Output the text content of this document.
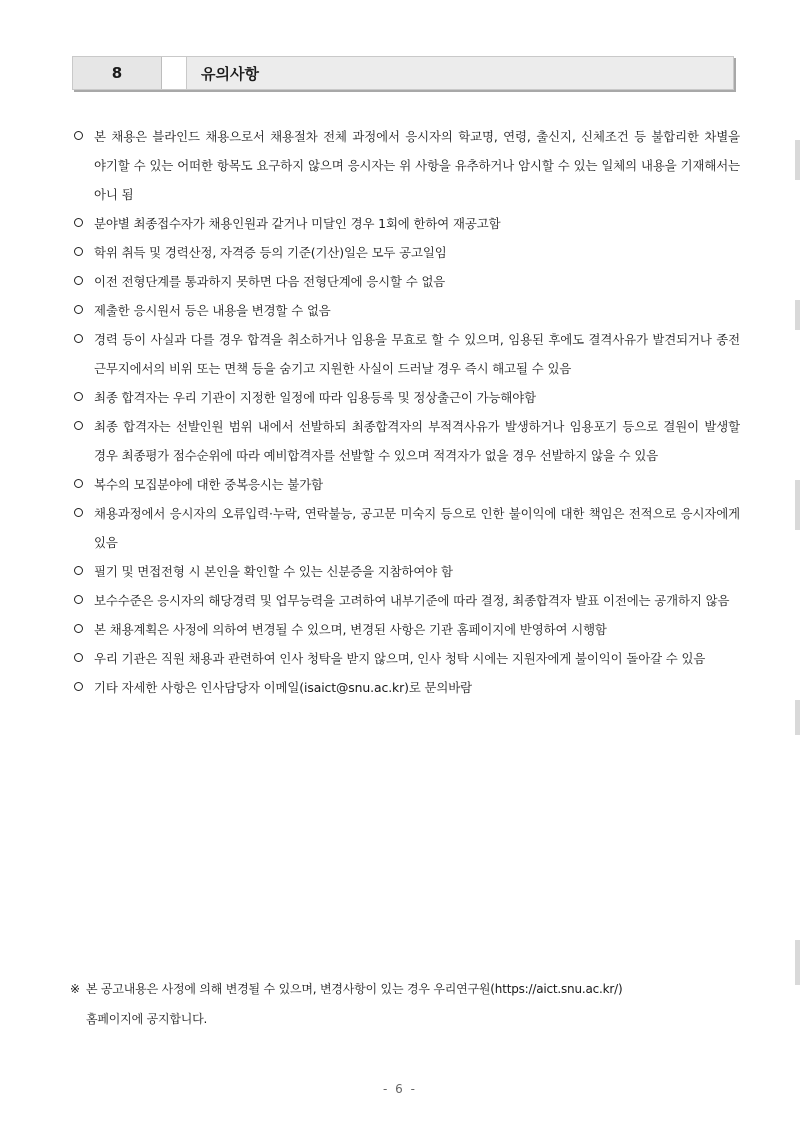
8	유의사항
본 채용은 블라인드 채용으로서 채용절차 전체 과정에서 응시자의 학교명, 연령, 출신지, 신체조건 등 불합리한 차별을 야기할 수 있는 어떠한 항목도 요구하지 않으며 응시자는 위 사항을 유추하거나 암시할 수 있는 일체의 내용을 기재해서는 아니 됨
분야별 최종접수자가 채용인원과 같거나 미달인 경우 1회에 한하여 재공고함
학위 취득 및 경력산정, 자격증 등의 기준(기산)일은 모두 공고일임
이전 전형단계를 통과하지 못하면 다음 전형단계에 응시할 수 없음
제출한 응시원서 등은 내용을 변경할 수 없음
경력 등이 사실과 다를 경우 합격을 취소하거나 임용을 무효로 할 수 있으며, 임용된 후에도 결격사유가 발견되거나 종전 근무지에서의 비위 또는 면책 등을 숨기고 지원한 사실이 드러날 경우 즉시 해고될 수 있음
최종 합격자는 우리 기관이 지정한 일정에 따라 임용등록 및 정상출근이 가능해야함
최종 합격자는 선발인원 범위 내에서 선발하되 최종합격자의 부적격사유가 발생하거나 임용포기 등으로 결원이 발생할 경우 최종평가 점수순위에 따라 예비합격자를 선발할 수 있으며 적격자가 없을 경우 선발하지 않을 수 있음
복수의 모집분야에 대한 중복응시는 불가함
채용과정에서 응시자의 오류입력·누락, 연락불능, 공고문 미숙지 등으로 인한 불이익에 대한 책임은 전적으로 응시자에게 있음
필기 및 면접전형 시 본인을 확인할 수 있는 신분증을 지참하여야 함
보수수준은 응시자의 해당경력 및 업무능력을 고려하여 내부기준에 따라 결정, 최종합격자 발표 이전에는 공개하지 않음
본 채용계획은 사정에 의하여 변경될 수 있으며, 변경된 사항은 기관 홈페이지에 반영하여 시행함
우리 기관은 직원 채용과 관련하여 인사 청탁을 받지 않으며, 인사 청탁 시에는 지원자에게 불이익이 돌아갈 수 있음
기타 자세한 사항은 인사담당자 이메일(isaict@snu.ac.kr)로 문의바람
※ 본 공고내용은 사정에 의해 변경될 수 있으며, 변경사항이 있는 경우 우리연구원(https://aict.snu.ac.kr/)
홈페이지에 공지합니다.
- 6 -
